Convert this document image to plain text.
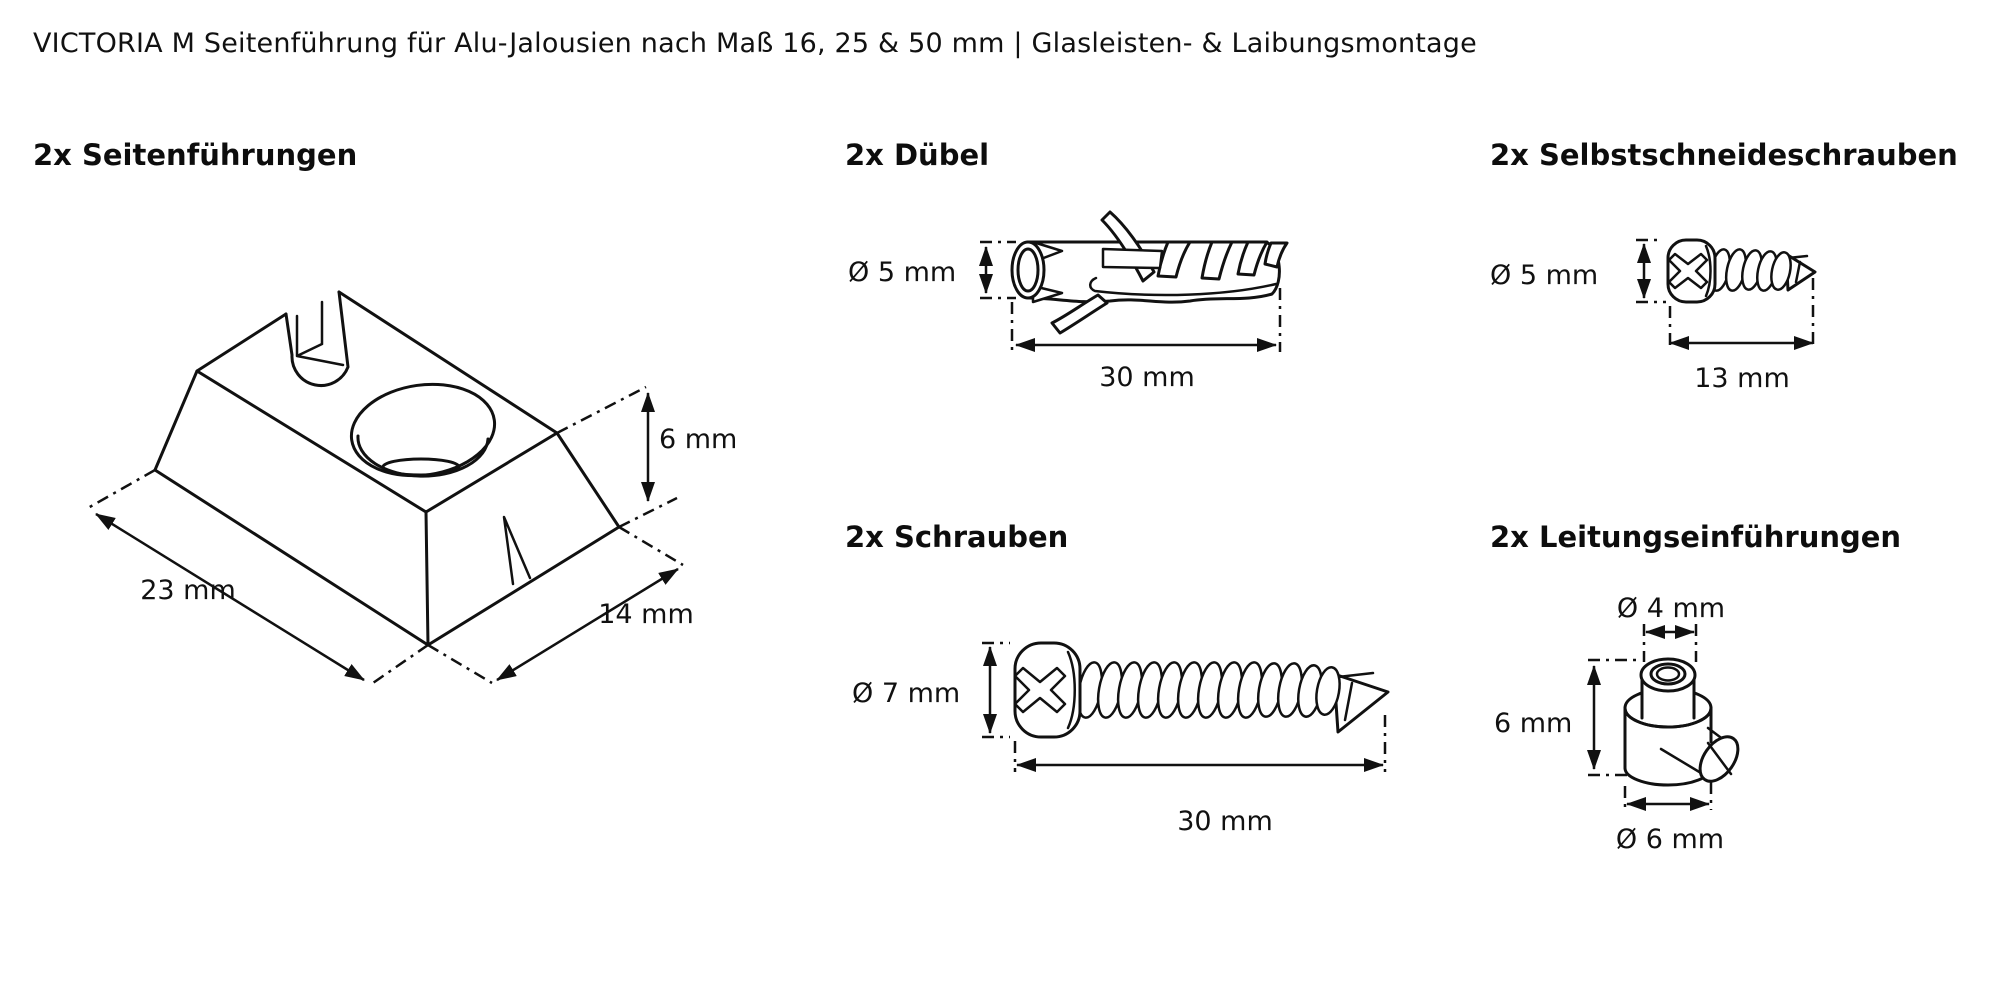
VICTORIA M Seitenführung für Alu-Jalousien nach Maß 16, 25 & 50 mm | Glasleisten- & Laibungsmontage
2x Seitenführungen	2x Dübel	2x Selbstschneideschrauben
2x Schrauben	2x Leitungseinführungen
23 mm
14 mm
6 mm
Ø 5 mm
30 mm
Ø 5 mm
13 mm
Ø 7 mm
30 mm
Ø 4 mm
6 mm
Ø 6 mm
